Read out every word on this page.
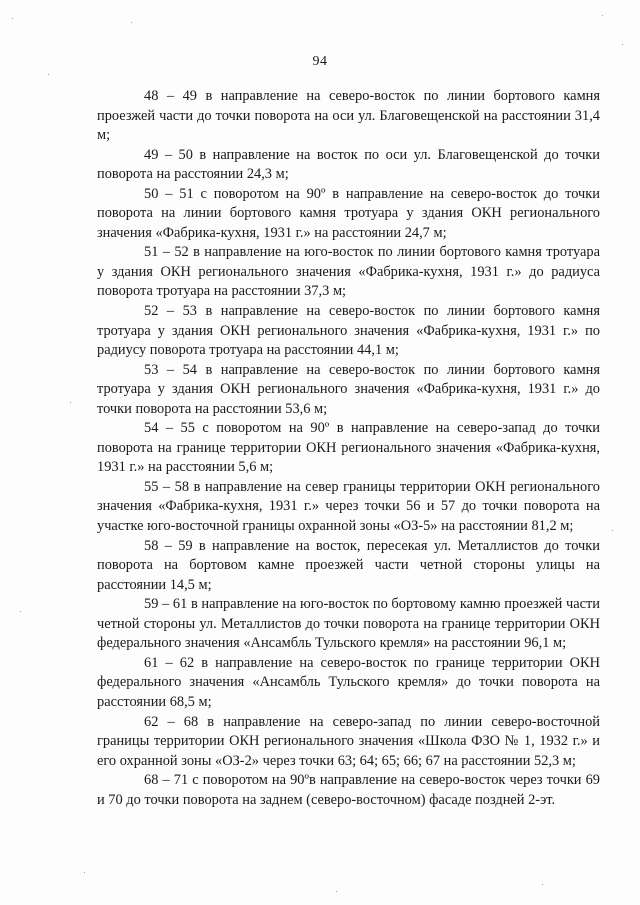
94

48 – 49 в направление на северо-восток по линии бортового камня проезжей части до точки поворота на оси ул. Благовещенской на расстоянии 31,4 м;

49 – 50 в направление на восток по оси ул. Благовещенской до точки поворота на расстоянии 24,3 м;

50 – 51 с поворотом на 90º в направление на северо-восток до точки поворота на линии бортового камня тротуара у здания ОКН регионального значения «Фабрика-кухня, 1931 г.» на расстоянии 24,7 м;

51 – 52 в направление на юго-восток по линии бортового камня тротуара у здания ОКН регионального значения «Фабрика-кухня, 1931 г.» до радиуса поворота тротуара на расстоянии 37,3 м;

52 – 53 в направление на северо-восток по линии бортового камня тротуара у здания ОКН регионального значения «Фабрика-кухня, 1931 г.» по радиусу поворота тротуара на расстоянии 44,1 м;

53 – 54 в направление на северо-восток по линии бортового камня тротуара у здания ОКН регионального значения «Фабрика-кухня, 1931 г.» до точки поворота на расстоянии 53,6 м;

54 – 55 с поворотом на 90º в направление на северо-запад до точки поворота на границе территории ОКН регионального значения «Фабрика-кухня, 1931 г.» на расстоянии 5,6 м;

55 – 58 в направление на север границы территории ОКН регионального значения «Фабрика-кухня, 1931 г.» через точки 56 и 57 до точки поворота на участке юго-восточной границы охранной зоны «ОЗ-5» на расстоянии 81,2 м;

58 – 59 в направление на восток, пересекая ул. Металлистов до точки поворота на бортовом камне проезжей части четной стороны улицы на расстоянии 14,5 м;

59 – 61 в направление на юго-восток по бортовому камню проезжей части четной стороны ул. Металлистов до точки поворота на границе территории ОКН федерального значения «Ансамбль Тульского кремля» на расстоянии 96,1 м;

61 – 62 в направление на северо-восток по границе территории ОКН федерального значения «Ансамбль Тульского кремля» до точки поворота на расстоянии 68,5 м;

62 – 68 в направление на северо-запад по линии северо-восточной границы территории ОКН регионального значения «Школа ФЗО № 1, 1932 г.» и его охранной зоны «ОЗ-2» через точки 63; 64; 65; 66; 67 на расстоянии 52,3 м;

68 – 71 с поворотом на 90ºв направление на северо-восток через точки 69 и 70 до точки поворота на заднем (северо-восточном) фасаде поздней 2-эт.
